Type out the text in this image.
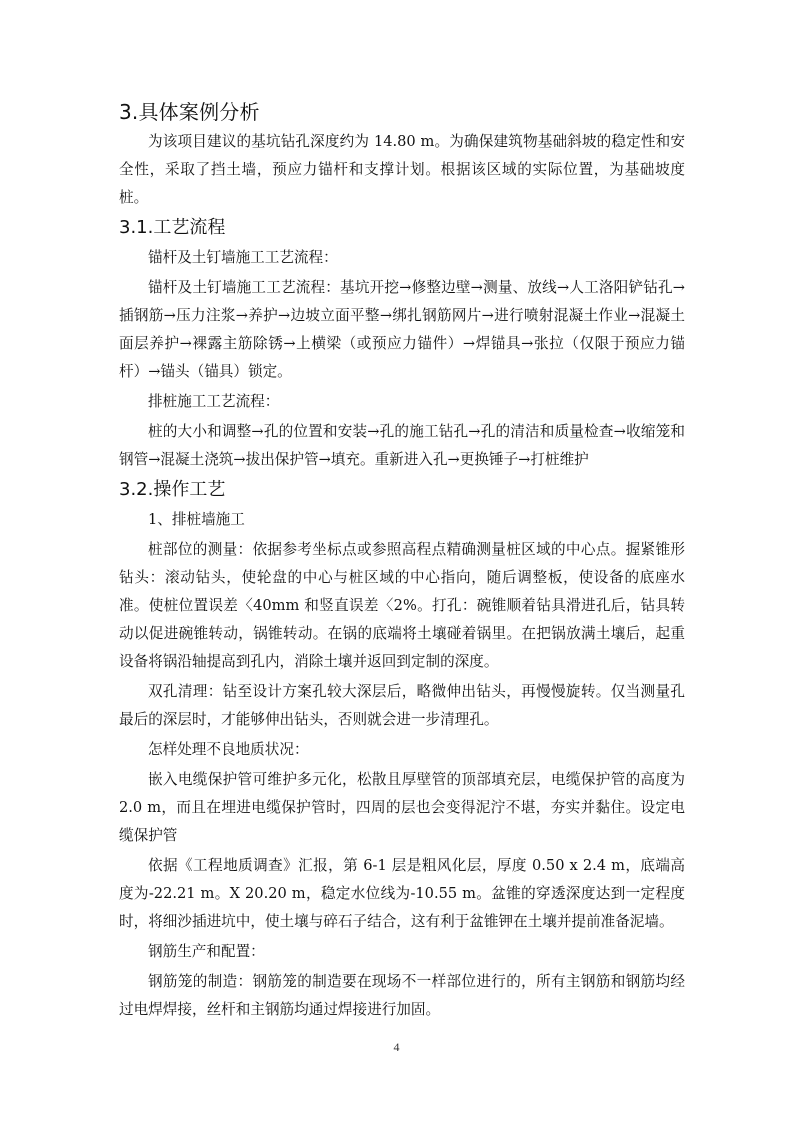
3.具体案例分析

为该项目建议的基坑钻孔深度约为 14.80 m。为确保建筑物基础斜坡的稳定性和安全性，采取了挡土墙，预应力锚杆和支撑计划。根据该区域的实际位置，为基础坡度桩。

3.1.工艺流程

锚杆及土钉墙施工工艺流程：

锚杆及土钉墙施工工艺流程：基坑开挖→修整边壁→测量、放线→人工洛阳铲钻孔→插钢筋→压力注浆→养护→边坡立面平整→绑扎钢筋网片→进行喷射混凝土作业→混凝土面层养护→裸露主筋除锈→上横梁（或预应力锚件）→焊锚具→张拉（仅限于预应力锚杆）→锚头（锚具）锁定。

排桩施工工艺流程：

桩的大小和调整→孔的位置和安装→孔的施工钻孔→孔的清洁和质量检查→收缩笼和钢管→混凝土浇筑→拔出保护管→填充。重新进入孔→更换锤子→打桩维护

3.2.操作工艺

1、排桩墙施工

桩部位的测量：依据参考坐标点或参照高程点精确测量桩区域的中心点。握紧锥形钻头：滚动钻头，使轮盘的中心与桩区域的中心指向，随后调整板，使设备的底座水准。使桩位置误差〈40mm 和竖直误差〈2%。打孔：碗锥顺着钻具滑进孔后，钻具转动以促进碗锥转动，锅锥转动。在锅的底端将土壤碰着锅里。在把锅放满土壤后，起重设备将锅沿轴提高到孔内，消除土壤并返回到定制的深度。

双孔清理：钻至设计方案孔较大深层后，略微伸出钻头，再慢慢旋转。仅当测量孔最后的深层时，才能够伸出钻头，否则就会进一步清理孔。

怎样处理不良地质状况：

嵌入电缆保护管可维护多元化，松散且厚壁管的顶部填充层，电缆保护管的高度为 2.0 m，而且在埋进电缆保护管时，四周的层也会变得泥泞不堪，夯实并黏住。设定电缆保护管

依据《工程地质调查》汇报，第 6-1 层是粗风化层，厚度 0.50 x 2.4 m，底端高度为-22.21 m。X 20.20 m，稳定水位线为-10.55 m。盆锥的穿透深度达到一定程度时，将细沙插进坑中，使土壤与碎石子结合，这有利于盆锥钾在土壤并提前准备泥墙。

钢筋生产和配置：

钢筋笼的制造：钢筋笼的制造要在现场不一样部位进行的，所有主钢筋和钢筋均经过电焊焊接，丝杆和主钢筋均通过焊接进行加固。

4
